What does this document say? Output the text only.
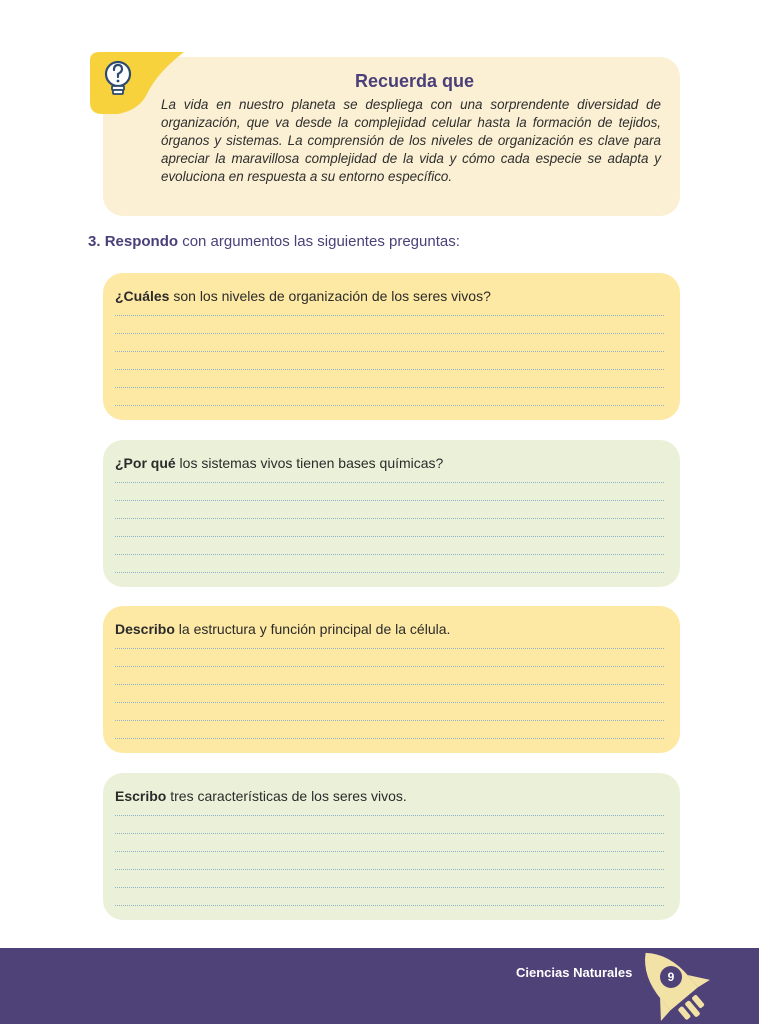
Recuerda que

La vida en nuestro planeta se despliega con una sorprendente diversidad de organización, que va desde la complejidad celular hasta la formación de tejidos, órganos y sistemas. La comprensión de los niveles de organización es clave para apreciar la maravillosa complejidad de la vida y cómo cada especie se adapta y evoluciona en respuesta a su entorno específico.

3. Respondo con argumentos las siguientes preguntas:
¿Cuáles son los niveles de organización de los seres vivos?
¿Por qué los sistemas vivos tienen bases químicas?
Describo la estructura y función principal de la célula.
Escribo tres características de los seres vivos.
Ciencias Naturales	9
